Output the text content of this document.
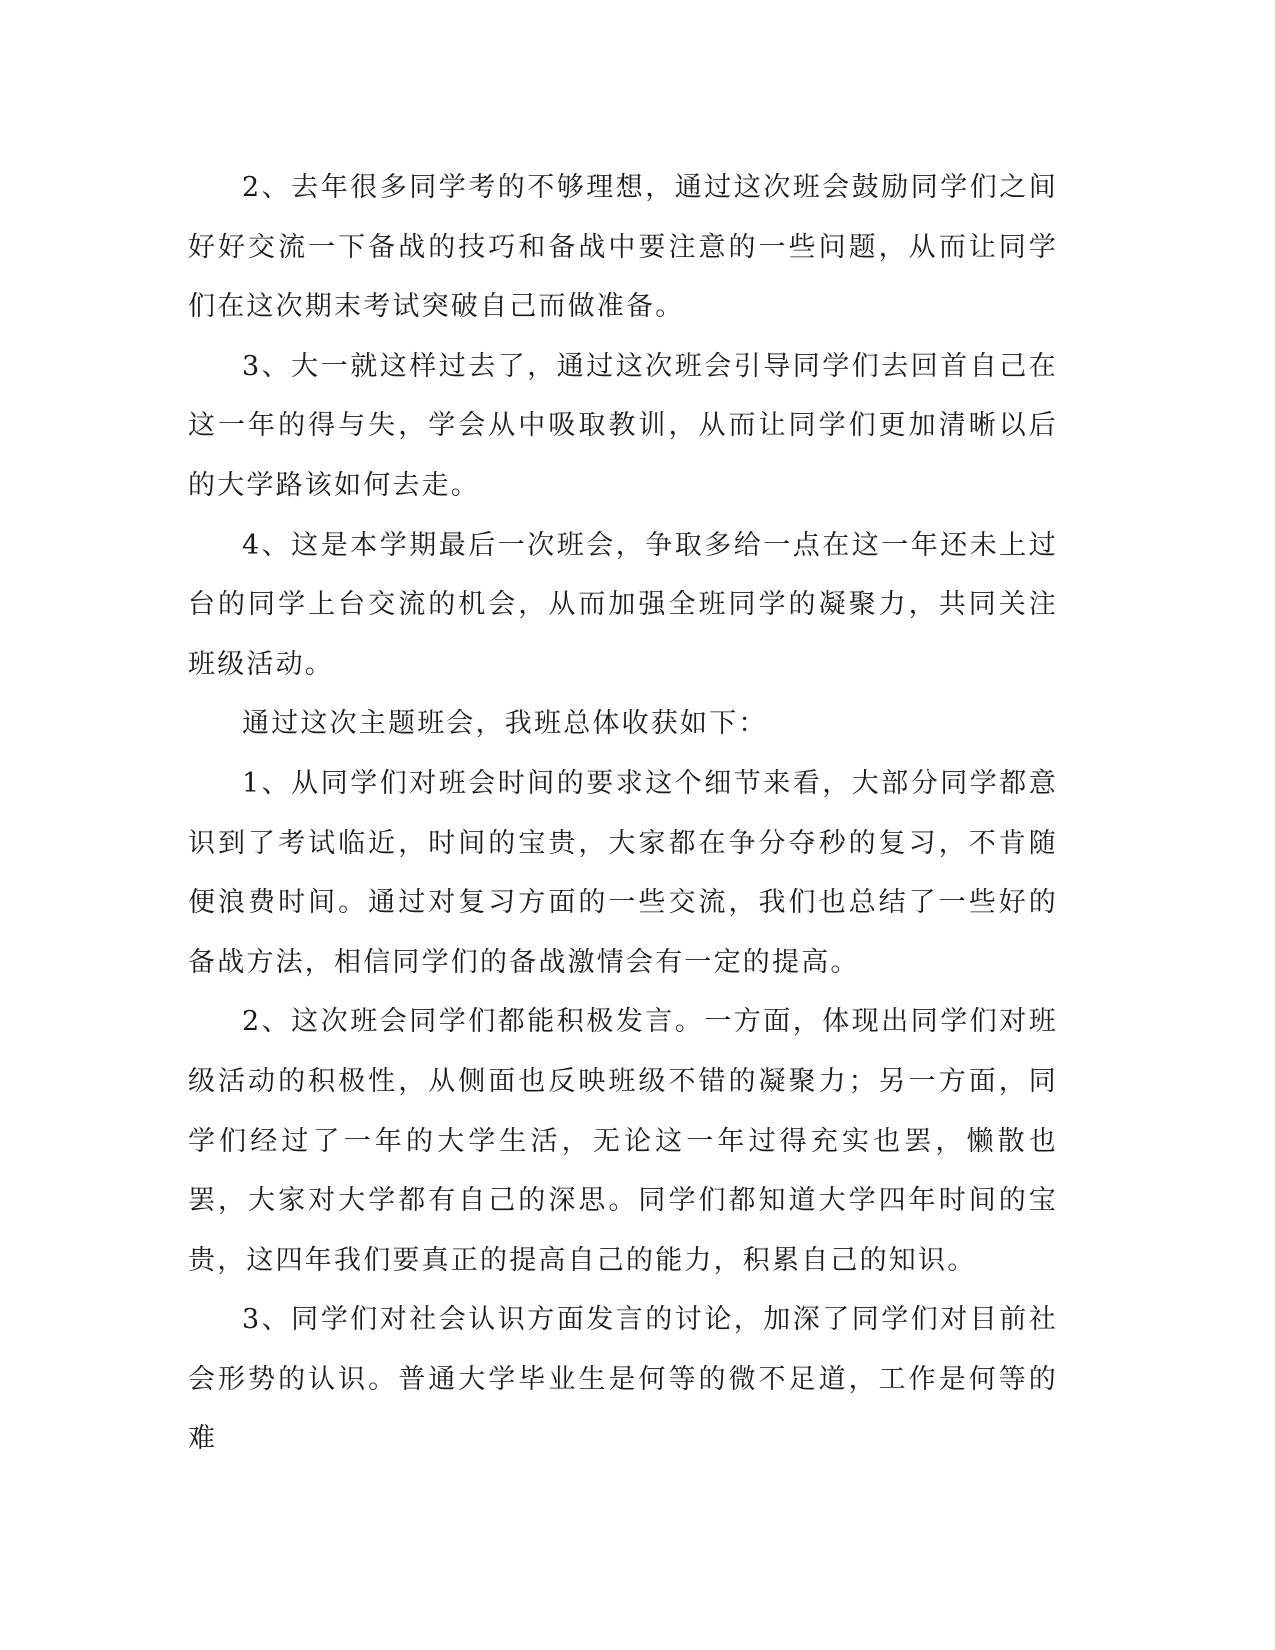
2、去年很多同学考的不够理想，通过这次班会鼓励同学们之间好好交流一下备战的技巧和备战中要注意的一些问题，从而让同学们在这次期末考试突破自己而做准备。

3、大一就这样过去了，通过这次班会引导同学们去回首自己在这一年的得与失，学会从中吸取教训，从而让同学们更加清晰以后的大学路该如何去走。

4、这是本学期最后一次班会，争取多给一点在这一年还未上过台的同学上台交流的机会，从而加强全班同学的凝聚力，共同关注班级活动。

通过这次主题班会，我班总体收获如下：

1、从同学们对班会时间的要求这个细节来看，大部分同学都意识到了考试临近，时间的宝贵，大家都在争分夺秒的复习，不肯随便浪费时间。通过对复习方面的一些交流，我们也总结了一些好的备战方法，相信同学们的备战激情会有一定的提高。

2、这次班会同学们都能积极发言。一方面，体现出同学们对班级活动的积极性，从侧面也反映班级不错的凝聚力；另一方面，同学们经过了一年的大学生活，无论这一年过得充实也罢，懒散也罢，大家对大学都有自己的深思。同学们都知道大学四年时间的宝贵，这四年我们要真正的提高自己的能力，积累自己的知识。

3、同学们对社会认识方面发言的讨论，加深了同学们对目前社会形势的认识。普通大学毕业生是何等的微不足道，工作是何等的难
